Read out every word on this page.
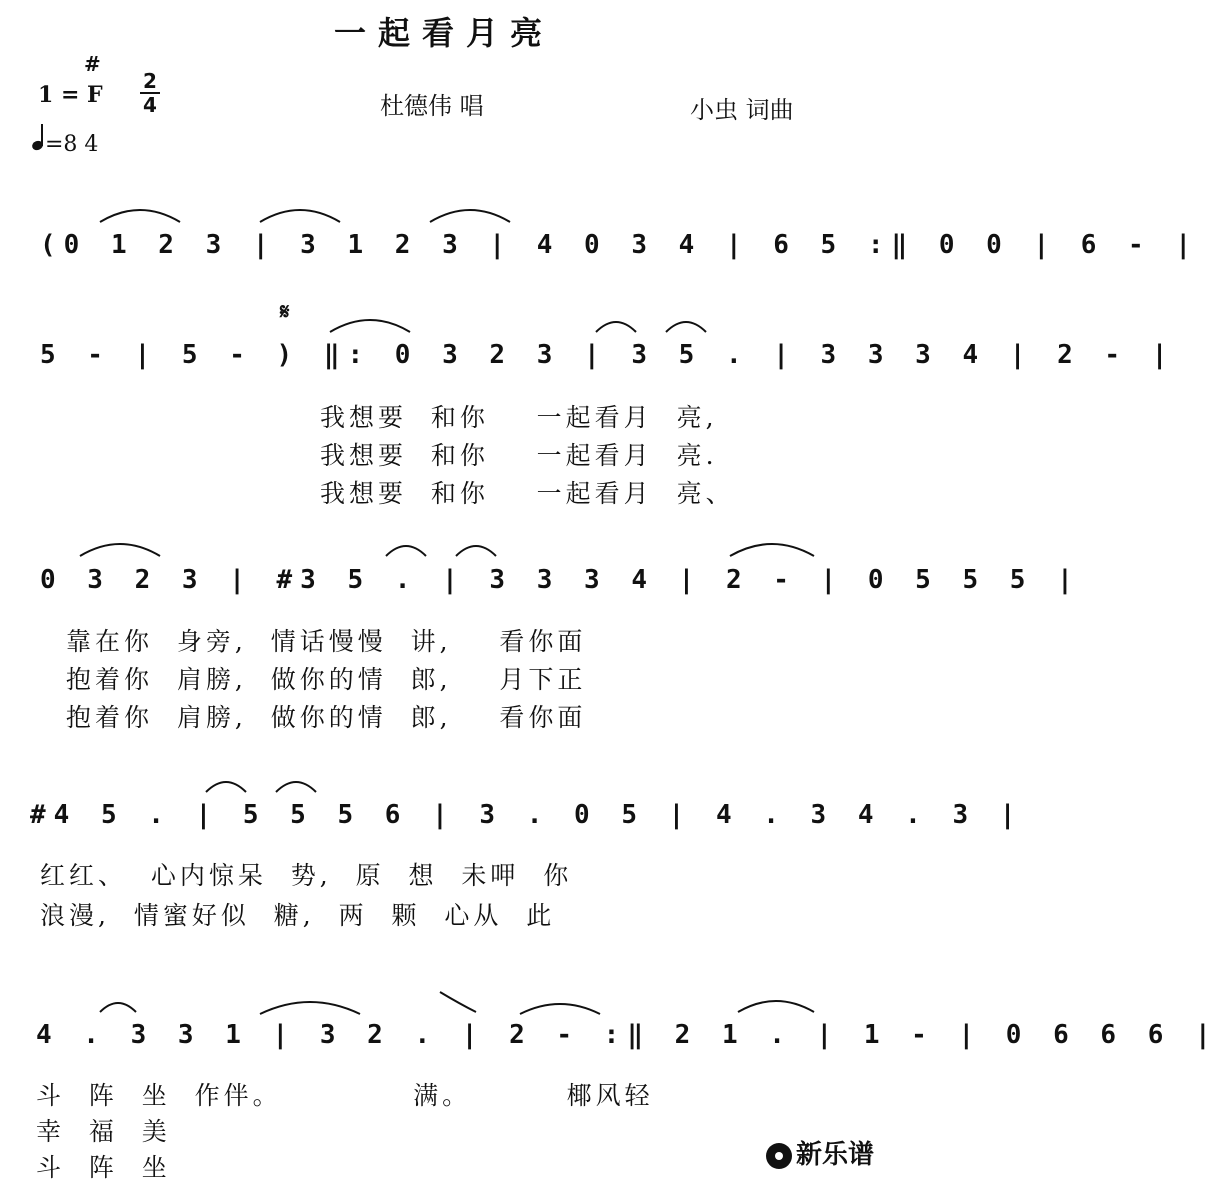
一起看月亮
#
1 = F
2
4
=8 4
杜德伟 唱	小虫 词曲
(0 1 2 3 | 3 1 2 3 | 4 0 3 4 | 6 5 :‖ 0 0 | 6 - |
𝄋
5 - | 5 - ) ‖: 0 3 2 3 | 3 5 . | 3 3 3 4 | 2 - |
我想要  和你    一起看月  亮,
我想要  和你    一起看月  亮.
我想要  和你    一起看月  亮、
0 3 2 3 | #3 5 . | 3 3 3 4 | 2 - | 0 5 5 5 |
靠在你  身旁,  情话慢慢  讲,    看你面
抱着你  肩膀,  做你的情  郎,    月下正
抱着你  肩膀,  做你的情  郎,    看你面
#4 5 . | 5 5 5 6 | 3 . 0 5 | 4 . 3 4 . 3 |
红红、  心内惊呆  势,  原  想  未呷  你
浪漫,  情蜜好似  糖,  两  颗  心从  此
4 . 3 3 1 | 3 2 . | 2 - :‖ 2 1 . | 1 - | 0 6 6 6 |
斗  阵  坐  作伴。           满。        椰风轻
幸  福  美
斗  阵  坐	新乐谱
